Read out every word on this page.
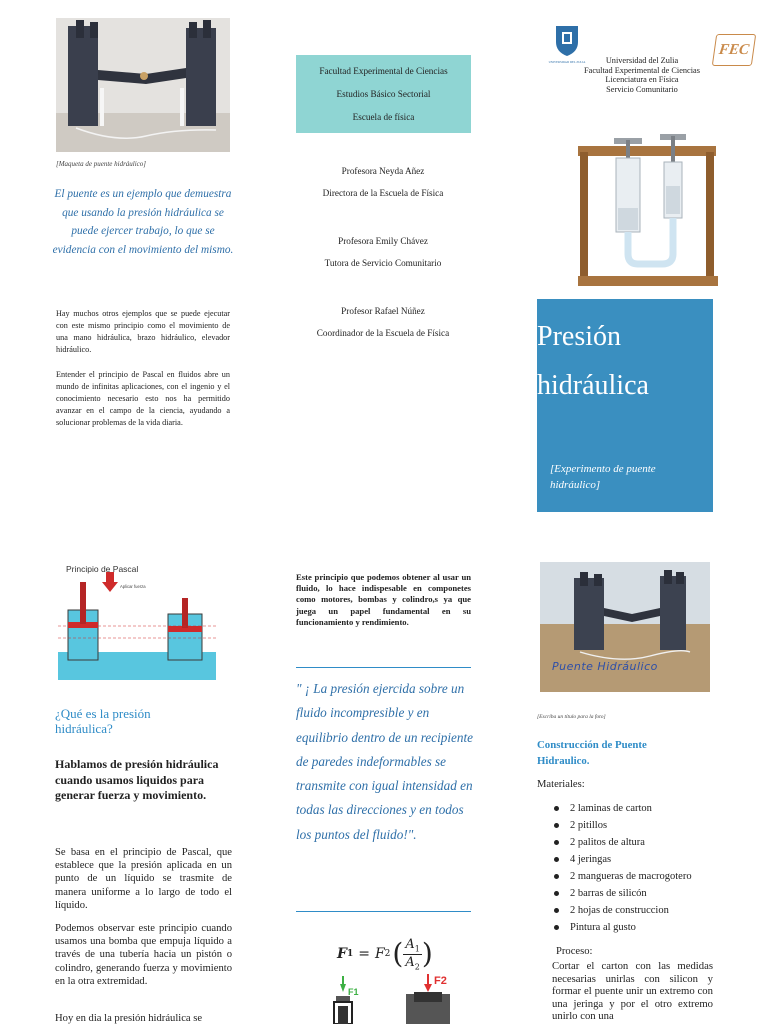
[Maqueta de puente hidráulico]
El puente es un ejemplo que demuestra que usando la presión hidráulica se puede ejercer trabajo, lo que se evidencia con el movimiento del mismo.
Hay muchos otros ejemplos que se puede ejecutar con este mismo principio como el movimiento de una mano hidráulica, brazo hidráulico, elevador hidráulico.
Entender el principio de Pascal en fluidos abre un mundo de infinitas aplicaciones, con el ingenio y el conocimiento necesario esto nos ha permitido avanzar en el campo de la ciencia, ayudando a solucionar problemas de la vida diaria.
Facultad Experimental de Ciencias
Estudios Básico Sectorial
Escuela de física
Profesora Neyda Añez
Directora de la Escuela de Física
Profesora Emily Chávez
Tutora de Servicio Comunitario
Profesor Rafael Núñez
Coordinador de la Escuela de Física
UNIVERSIDAD DEL ZULIA	Universidad del Zulia
Facultad Experimental de Ciencias
Licenciatura en Física
Servicio Comunitario
FEC
Presión
hidráulica
[Experimento de puente hidráulico]
Principio de Pascal
Aplicar fuerza
¿Qué es la presión hidráulica?
Hablamos de presión hidráulica cuando usamos liquidos para generar fuerza y movimiento.
Se basa en el principio de Pascal, que establece que la presión aplicada en un punto de un líquido se trasmite de manera uniforme a lo largo de todo el líquido.
Podemos observar este principio cuando usamos una bomba que empuja líquido a través de una tubería hacia un pistón o colindro, generando fuerza y movimiento en la otra extremidad.
Hoy en dia la presión hidráulica se
Este principio que podemos obtener al usar un fluido, lo hace indispesable en componetes como motores, bombas y colindro,s ya que juega un papel fundamental en su funcionamiento y rendimiento.
" ¡ La presión ejercida sobre un fluido incompresible y en equilibrio dentro de un recipiente de paredes indeformables se transmite con igual intensidad en todas las direcciones y en todos los puntos del fluido!".
F 1 = F 2 ( $\frac{A_1}{A_2}$ )
F1
F2
Puente Hidráulico
[Escriba un título para la foto]
Construcción de Puente Hidraulico.
Materiales:
2 laminas de carton
2 pitillos
2 palitos de altura
4 jeringas
2 mangueras de macrogotero
2 barras de silicón
2 hojas de construccion
Pintura al gusto
Proceso:
Cortar el carton con las medidas necesarias unirlas con silicon y formar el puente unir un extremo con una jeringa y por el otro extremo unirlo con una
